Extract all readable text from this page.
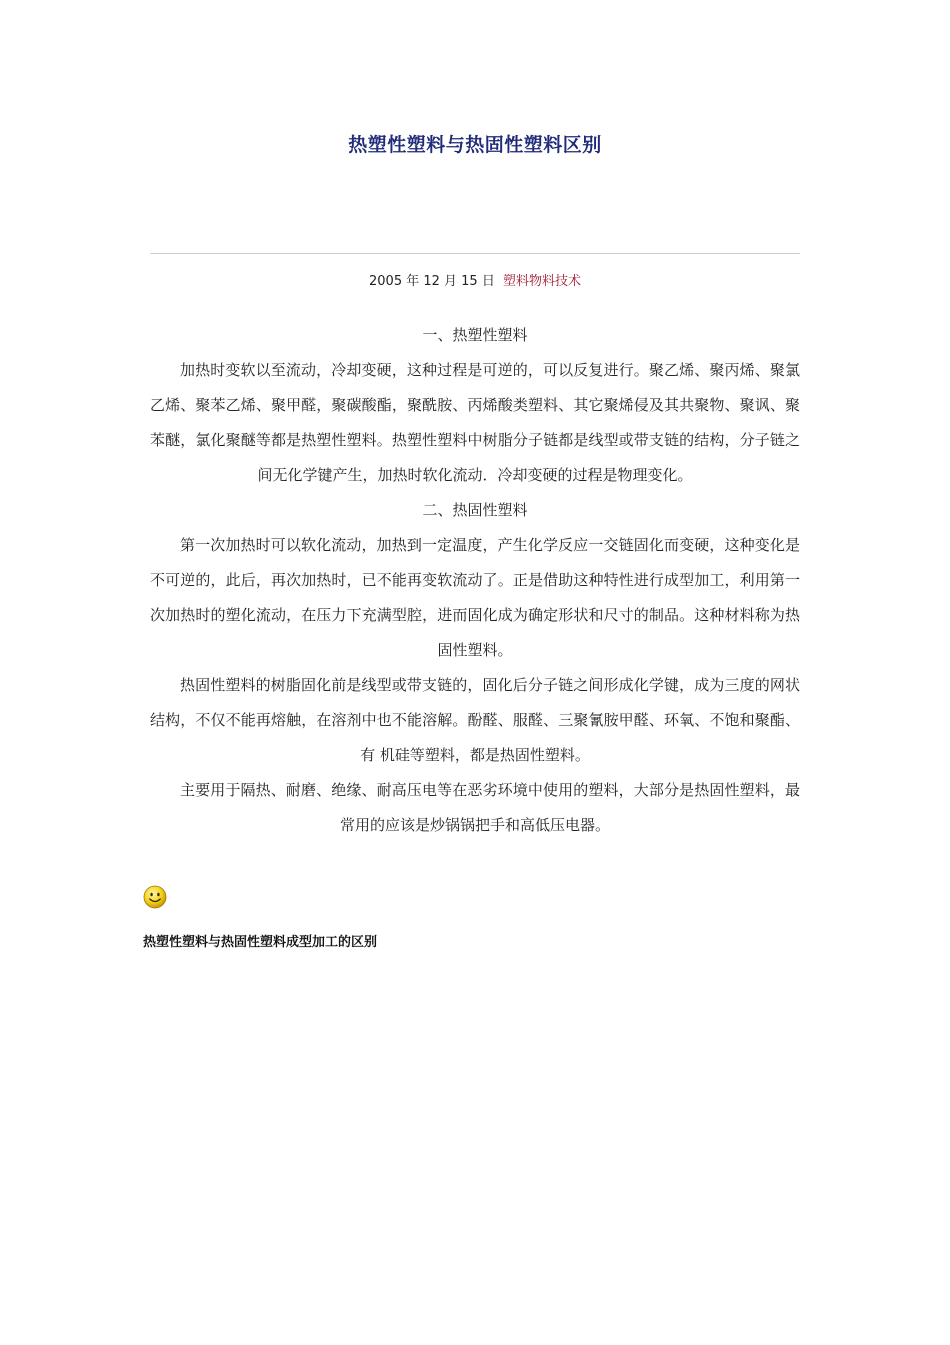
热塑性塑料与热固性塑料区别
2005 年 12 月 15 日 塑料物料技术

一、热塑性塑料

加热时变软以至流动，冷却变硬，这种过程是可逆的，可以反复进行。聚乙烯、聚丙烯、聚氯乙烯、聚苯乙烯、聚甲醛，聚碳酸酯，聚酰胺、丙烯酸类塑料、其它聚烯侵及其共聚物、聚讽、聚苯醚，氯化聚醚等都是热塑性塑料。热塑性塑料中树脂分子链都是线型或带支链的结构，分子链之间无化学键产生，加热时软化流动．冷却变硬的过程是物理变化。

二、热固性塑料

第一次加热时可以软化流动，加热到一定温度，产生化学反应一交链固化而变硬，这种变化是不可逆的，此后，再次加热时，已不能再变软流动了。正是借助这种特性进行成型加工，利用第一次加热时的塑化流动，在压力下充满型腔，进而固化成为确定形状和尺寸的制品。这种材料称为热固性塑料。

热固性塑料的树脂固化前是线型或带支链的，固化后分子链之间形成化学键，成为三度的网状结构，不仅不能再熔触，在溶剂中也不能溶解。酚醛、服醛、三聚氰胺甲醛、环氧、不饱和聚酯、有 机硅等塑料，都是热固性塑料。

主要用于隔热、耐磨、绝缘、耐高压电等在恶劣环境中使用的塑料，大部分是热固性塑料，最常用的应该是炒锅锅把手和高低压电器。

热塑性塑料与热固性塑料成型加工的区别
